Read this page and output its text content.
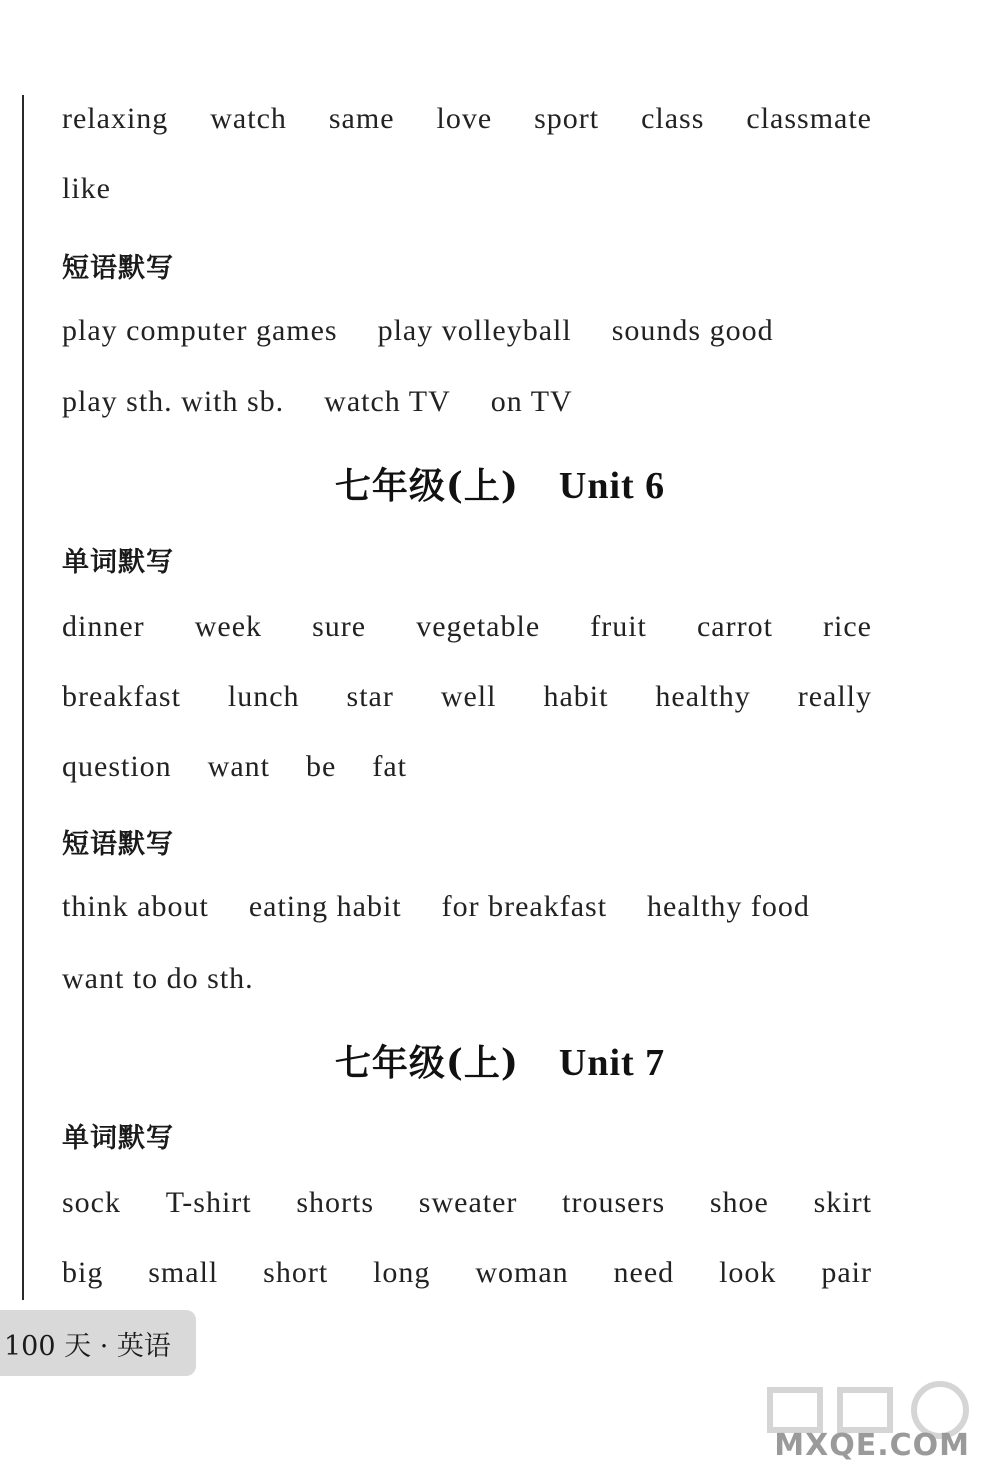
relaxing watch same love sport class classmate
like
短语默写
play computer games play volleyball sounds good
play sth. with sb. watch TV on TV
七年级(上) Unit 6
单词默写
dinner week sure vegetable fruit carrot rice
breakfast lunch star well habit healthy really
question want be fat
短语默写
think about eating habit for breakfast healthy food
want to do sth.
七年级(上) Unit 7
单词默写
sock T-shirt shorts sweater trousers shoe skirt
big small short long woman need look pair
100 天 · 英语
MXQE.COM
